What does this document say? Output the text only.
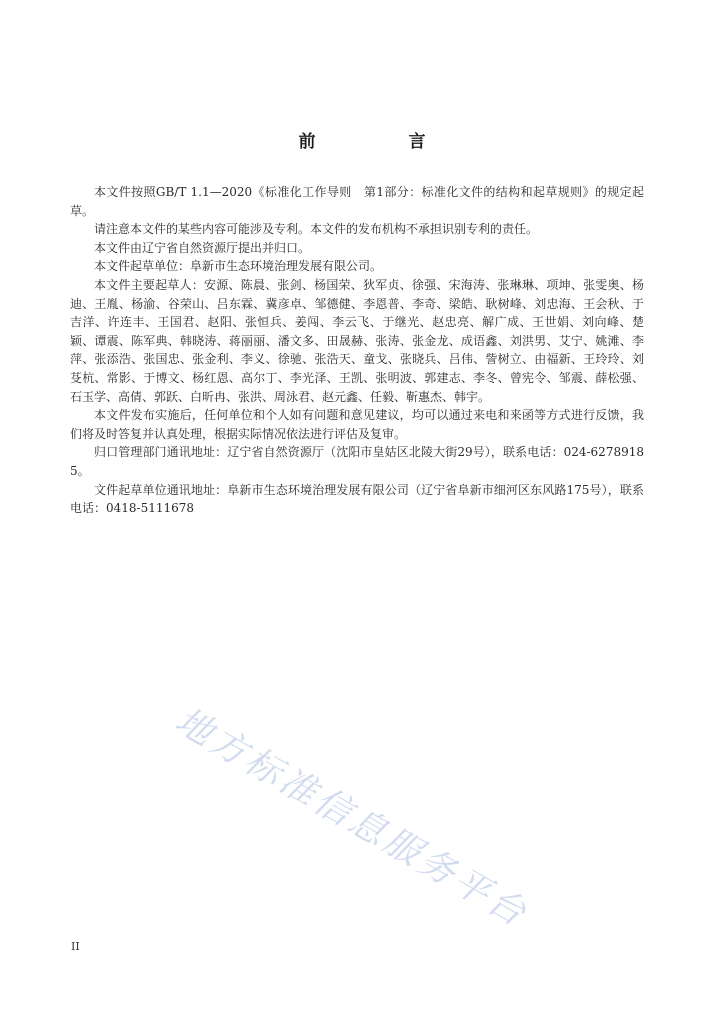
前　言

本文件按照GB/T 1.1—2020《标准化工作导则　第1部分：标准化文件的结构和起草规则》的规定起草。

请注意本文件的某些内容可能涉及专利。本文件的发布机构不承担识别专利的责任。

本文件由辽宁省自然资源厅提出并归口。

本文件起草单位：阜新市生态环境治理发展有限公司。

本文件主要起草人：安源、陈晨、张剑、杨国荣、狄军贞、徐强、宋海涛、张琳琳、项坤、张雯奥、杨迪、王胤、杨渝、谷荣山、吕东霖、冀彦卓、邹德健、李恩普、李奇、梁皓、耿树峰、刘忠海、王会秋、于吉洋、许连丰、王国君、赵阳、张恒兵、姜闯、李云飞、于继光、赵忠亮、解广成、王世娟、刘向峰、楚颖、谭震、陈军典、韩晓涛、蒋丽丽、潘文多、田晟赫、张涛、张金龙、成语鑫、刘洪男、艾宁、姚滩、李萍、张添浩、张国忠、张金利、李义、徐驰、张浩天、童戈、张晓兵、吕伟、訾树立、由福新、王玲玲、刘芟杭、常影、于博文、杨红恩、高尔丁、李光泽、王凯、张明波、郭建志、李冬、曾宪令、邹震、薛松强、石玉学、高倩、郭跃、白昕冉、张洪、周泳君、赵元鑫、任毅、靳惠杰、韩宇。

本文件发布实施后，任何单位和个人如有问题和意见建议，均可以通过来电和来函等方式进行反馈，我们将及时答复并认真处理，根据实际情况依法进行评估及复审。

归口管理部门通讯地址：辽宁省自然资源厅（沈阳市皇姑区北陵大街29号），联系电话：024-62789185。

文件起草单位通讯地址：阜新市生态环境治理发展有限公司（辽宁省阜新市细河区东风路175号），联系电话：0418-5111678

地方标准信息服务平台
II
